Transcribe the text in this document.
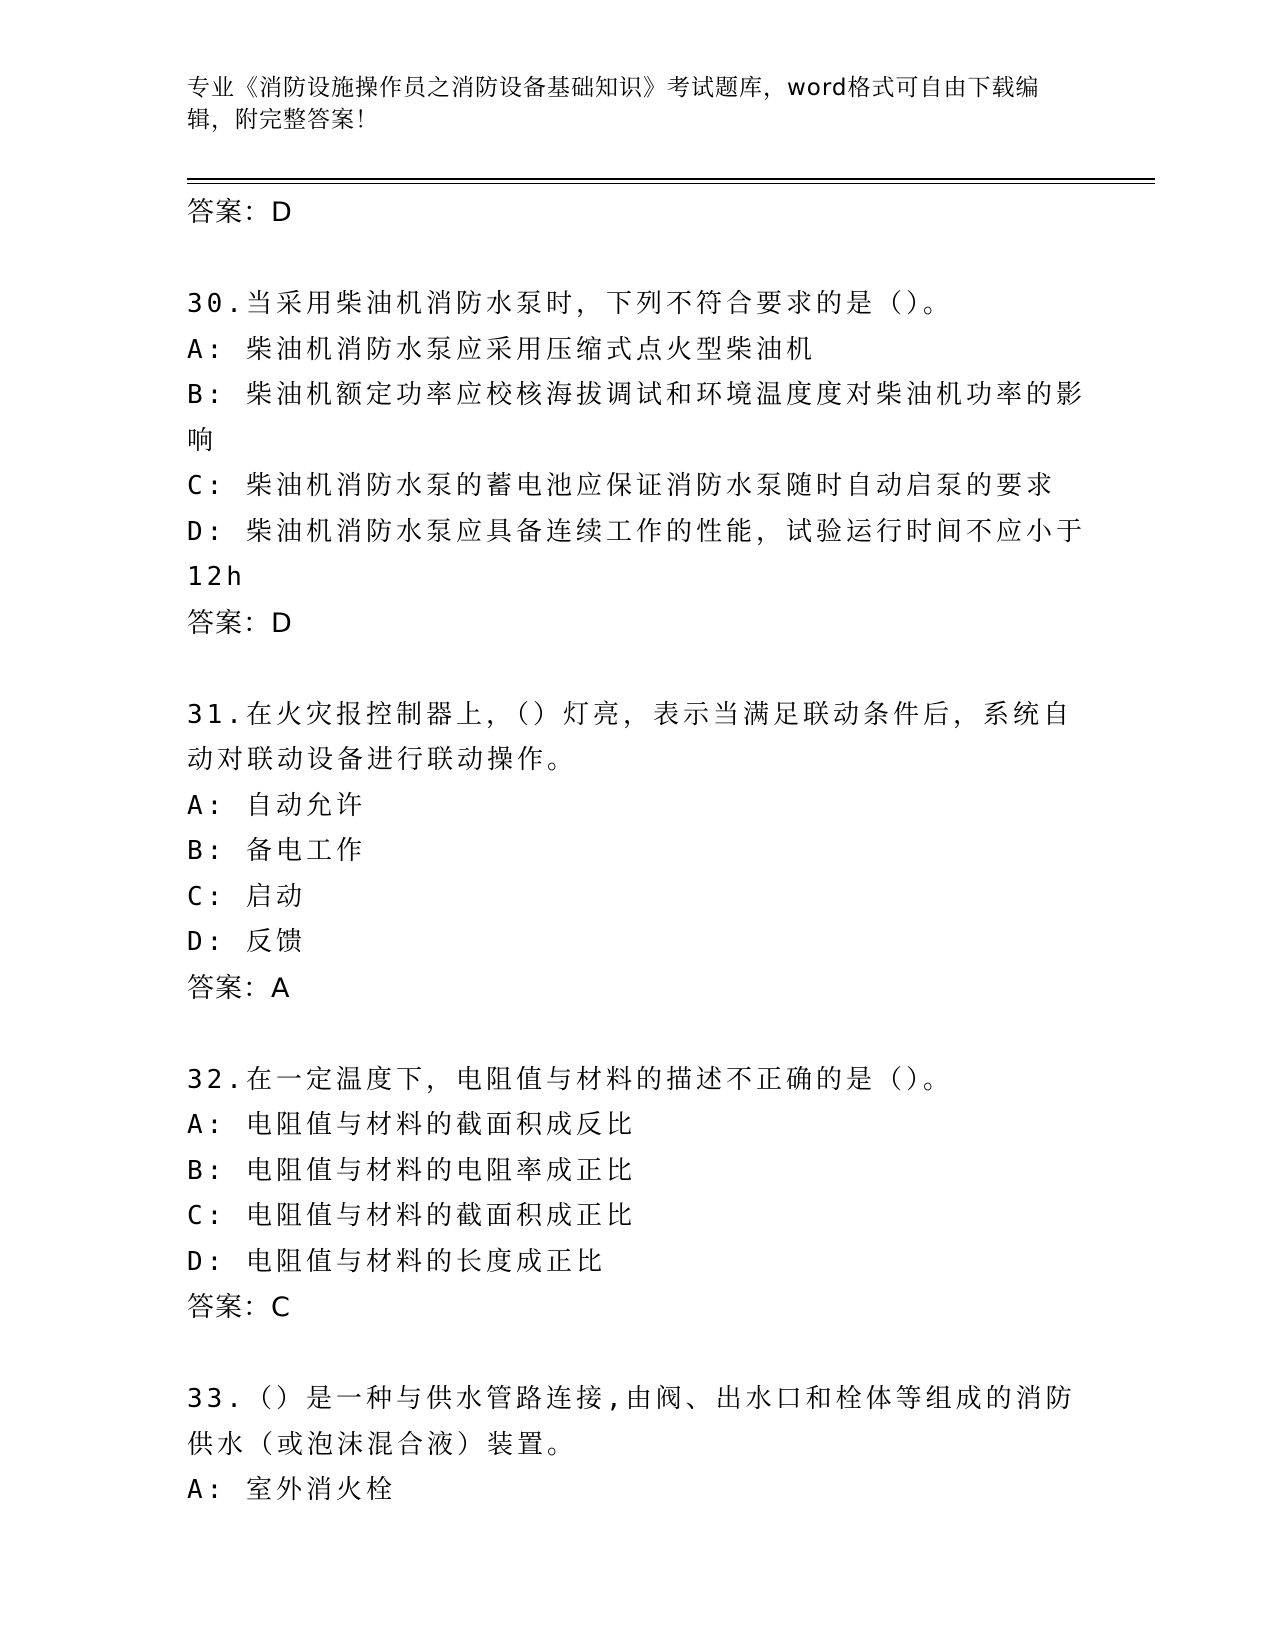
专业《消防设施操作员之消防设备基础知识》考试题库，word格式可自由下载编辑，附完整答案！
答案：D
30.当采用柴油机消防水泵时，下列不符合要求的是（）。
A: 柴油机消防水泵应采用压缩式点火型柴油机
B: 柴油机额定功率应校核海拔调试和环境温度度对柴油机功率的影响
C: 柴油机消防水泵的蓄电池应保证消防水泵随时自动启泵的要求
D: 柴油机消防水泵应具备连续工作的性能，试验运行时间不应小于12h
答案：D
31.在火灾报控制器上，（）灯亮，表示当满足联动条件后，系统自动对联动设备进行联动操作。
A: 自动允许
B: 备电工作
C: 启动
D: 反馈
答案：A
32.在一定温度下，电阻值与材料的描述不正确的是（）。
A: 电阻值与材料的截面积成反比
B: 电阻值与材料的电阻率成正比
C: 电阻值与材料的截面积成正比
D: 电阻值与材料的长度成正比
答案：C
33.（）是一种与供水管路连接,由阀、出水口和栓体等组成的消防供水（或泡沫混合液）装置。
A: 室外消火栓
